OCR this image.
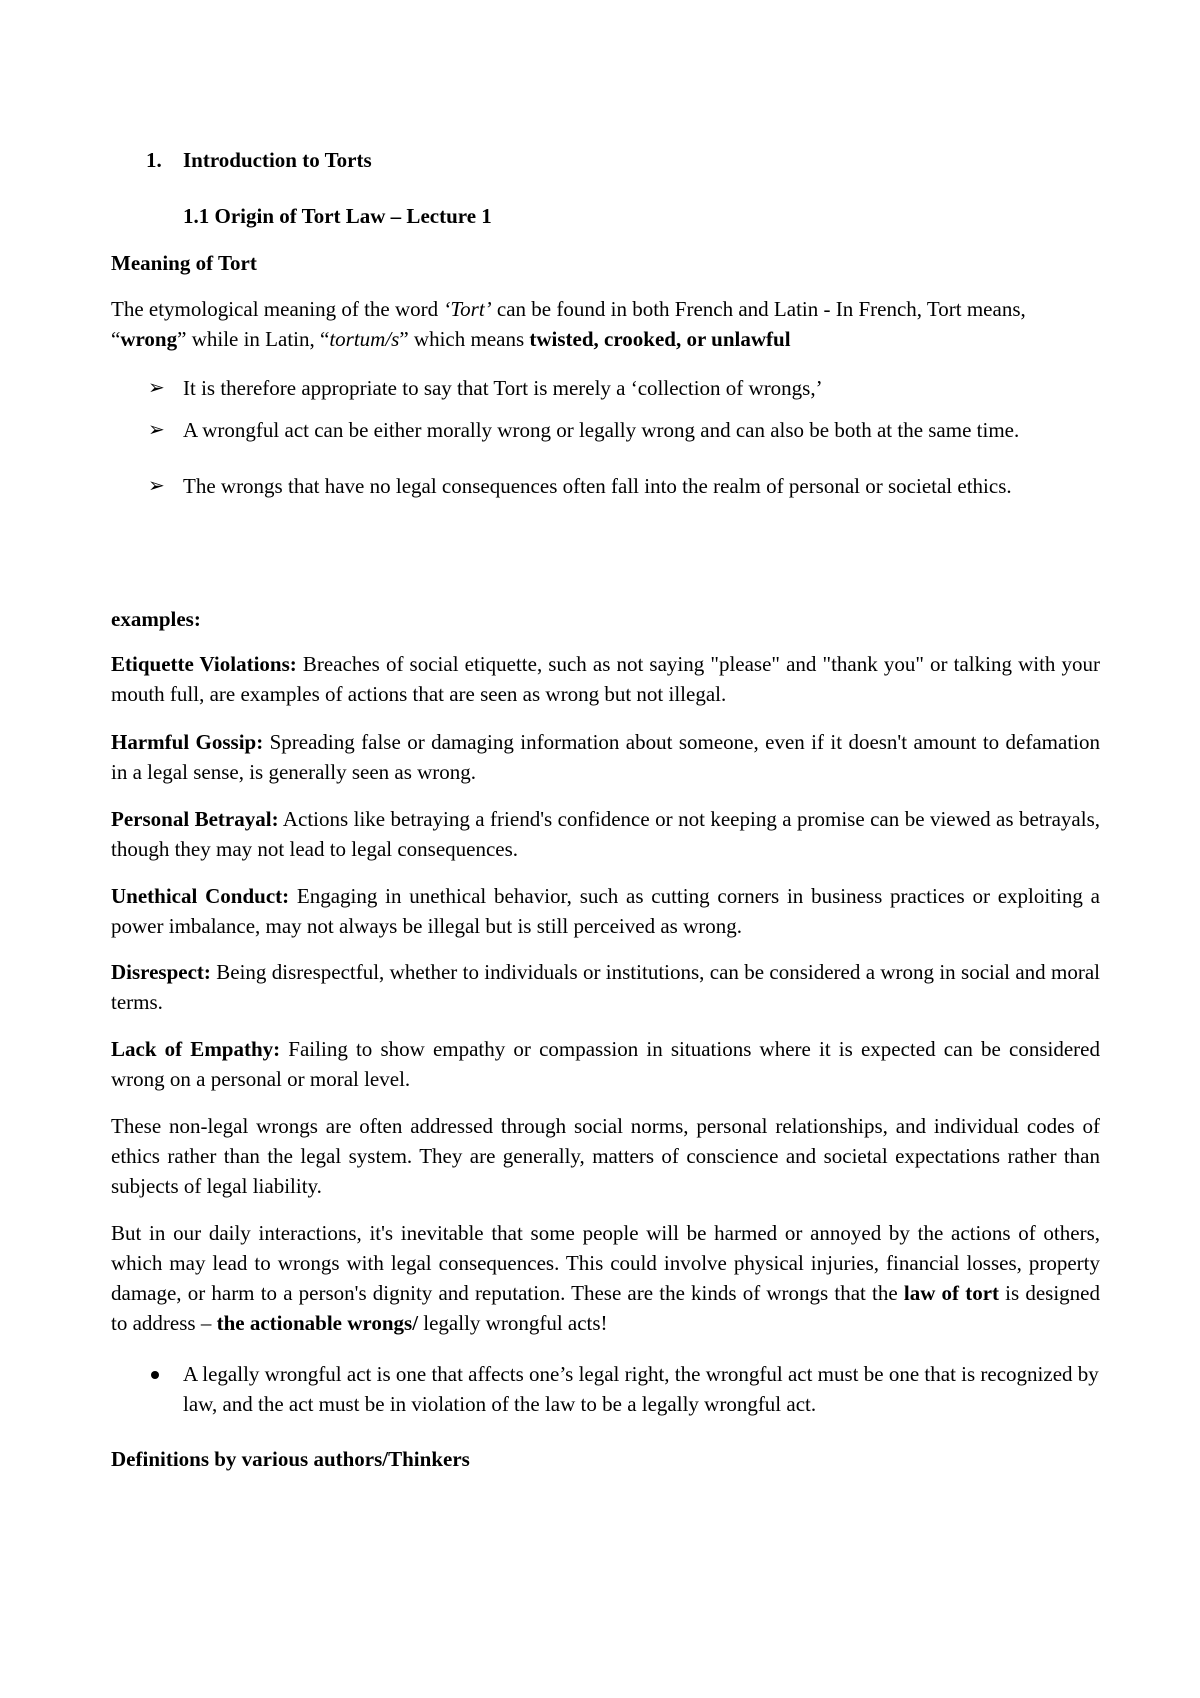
1. Introduction to Torts
1.1 Origin of Tort Law – Lecture 1
Meaning of Tort
The etymological meaning of the word ‘Tort’ can be found in both French and Latin - In French, Tort means, “wrong” while in Latin, “tortum/s” which means twisted, crooked, or unlawful
➢ It is therefore appropriate to say that Tort is merely a ‘collection of wrongs,’
➢ A wrongful act can be either morally wrong or legally wrong and can also be both at the same time.
➢ The wrongs that have no legal consequences often fall into the realm of personal or societal ethics.
examples:
Etiquette Violations: Breaches of social etiquette, such as not saying "please" and "thank you" or talking with your mouth full, are examples of actions that are seen as wrong but not illegal.
Harmful Gossip: Spreading false or damaging information about someone, even if it doesn't amount to defamation in a legal sense, is generally seen as wrong.
Personal Betrayal: Actions like betraying a friend's confidence or not keeping a promise can be viewed as betrayals, though they may not lead to legal consequences.
Unethical Conduct: Engaging in unethical behavior, such as cutting corners in business practices or exploiting a power imbalance, may not always be illegal but is still perceived as wrong.
Disrespect: Being disrespectful, whether to individuals or institutions, can be considered a wrong in social and moral terms.
Lack of Empathy: Failing to show empathy or compassion in situations where it is expected can be considered wrong on a personal or moral level.
These non-legal wrongs are often addressed through social norms, personal relationships, and individual codes of ethics rather than the legal system. They are generally, matters of conscience and societal expectations rather than subjects of legal liability.
But in our daily interactions, it's inevitable that some people will be harmed or annoyed by the actions of others, which may lead to wrongs with legal consequences. This could involve physical injuries, financial losses, property damage, or harm to a person's dignity and reputation. These are the kinds of wrongs that the law of tort is designed to address – the actionable wrongs/ legally wrongful acts!
A legally wrongful act is one that affects one’s legal right, the wrongful act must be one that is recognized by law, and the act must be in violation of the law to be a legally wrongful act.
Definitions by various authors/Thinkers
